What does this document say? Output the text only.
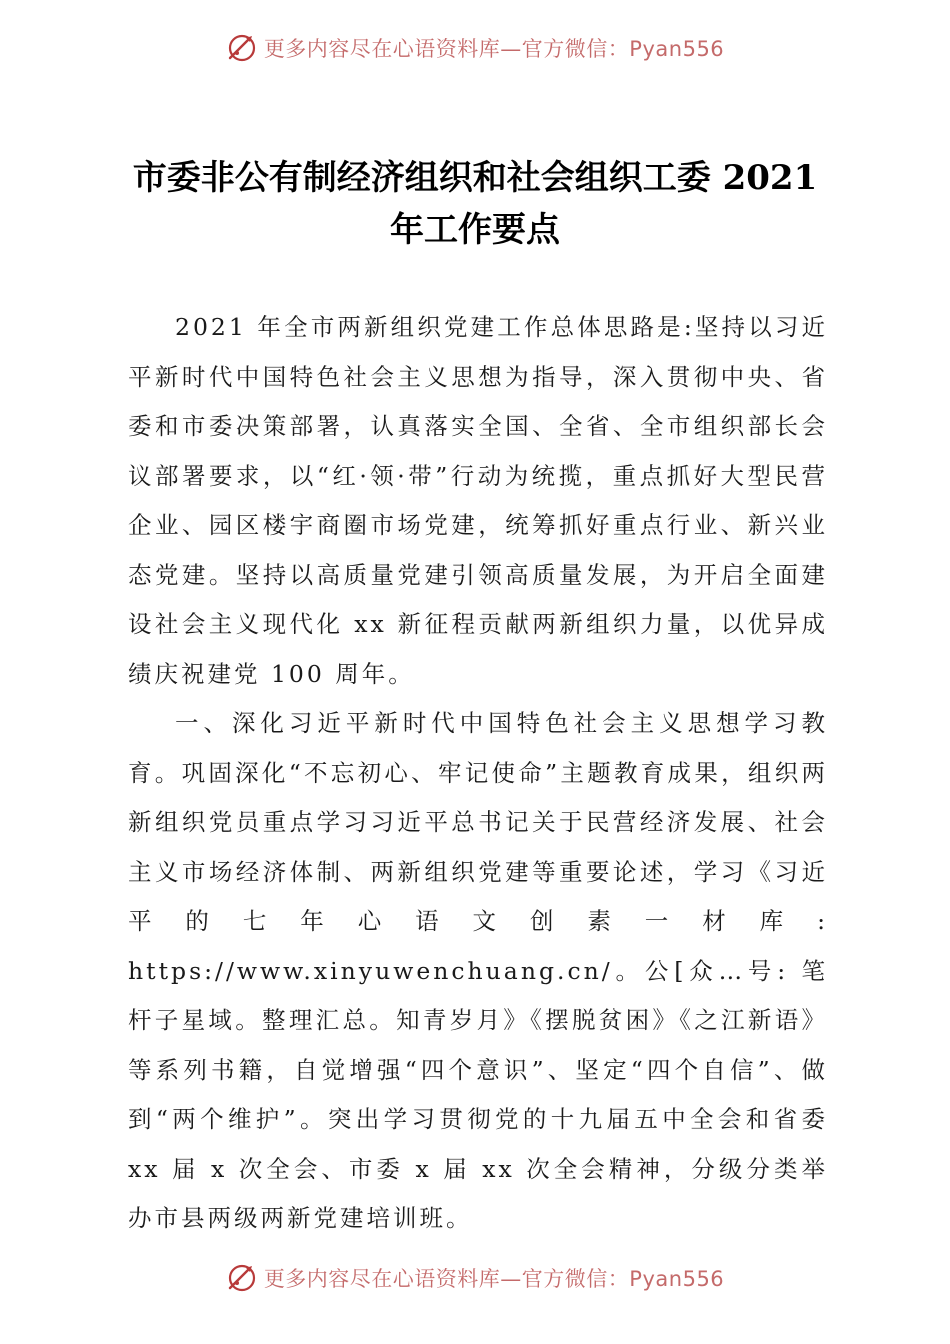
更多内容尽在心语资料库—官方微信：Pyan556
市委非公有制经济组织和社会组织工委 2021
年工作要点

2021 年全市两新组织党建工作总体思路是:坚持以习近平新时代中国特色社会主义思想为指导，深入贯彻中央、省委和市委决策部署，认真落实全国、全省、全市组织部长会议部署要求，以“红·领·带”行动为统揽，重点抓好大型民营企业、园区楼宇商圈市场党建，统筹抓好重点行业、新兴业态党建。坚持以高质量党建引领高质量发展，为开启全面建设社会主义现代化 xx 新征程贡献两新组织力量，以优异成绩庆祝建党 100 周年。

一、深化习近平新时代中国特色社会主义思想学习教育。巩固深化“不忘初心、牢记使命”主题教育成果，组织两新组织党员重点学习习近平总书记关于民营经济发展、社会主义市场经济体制、两新组织党建等重要论述，学习《习近平的七年心语文创素一材库: https://www.xinyuwenchuang.cn/。公[众…号: 笔杆子星域。整理汇总。知青岁月》《摆脱贫困》《之江新语》等系列书籍，自觉增强“四个意识”、坚定“四个自信”、做到“两个维护”。突出学习贯彻党的十九届五中全会和省委 xx 届 x 次全会、市委 x 届 xx 次全会精神，分级分类举办市县两级两新党建培训班。

更多内容尽在心语资料库—官方微信：Pyan556
